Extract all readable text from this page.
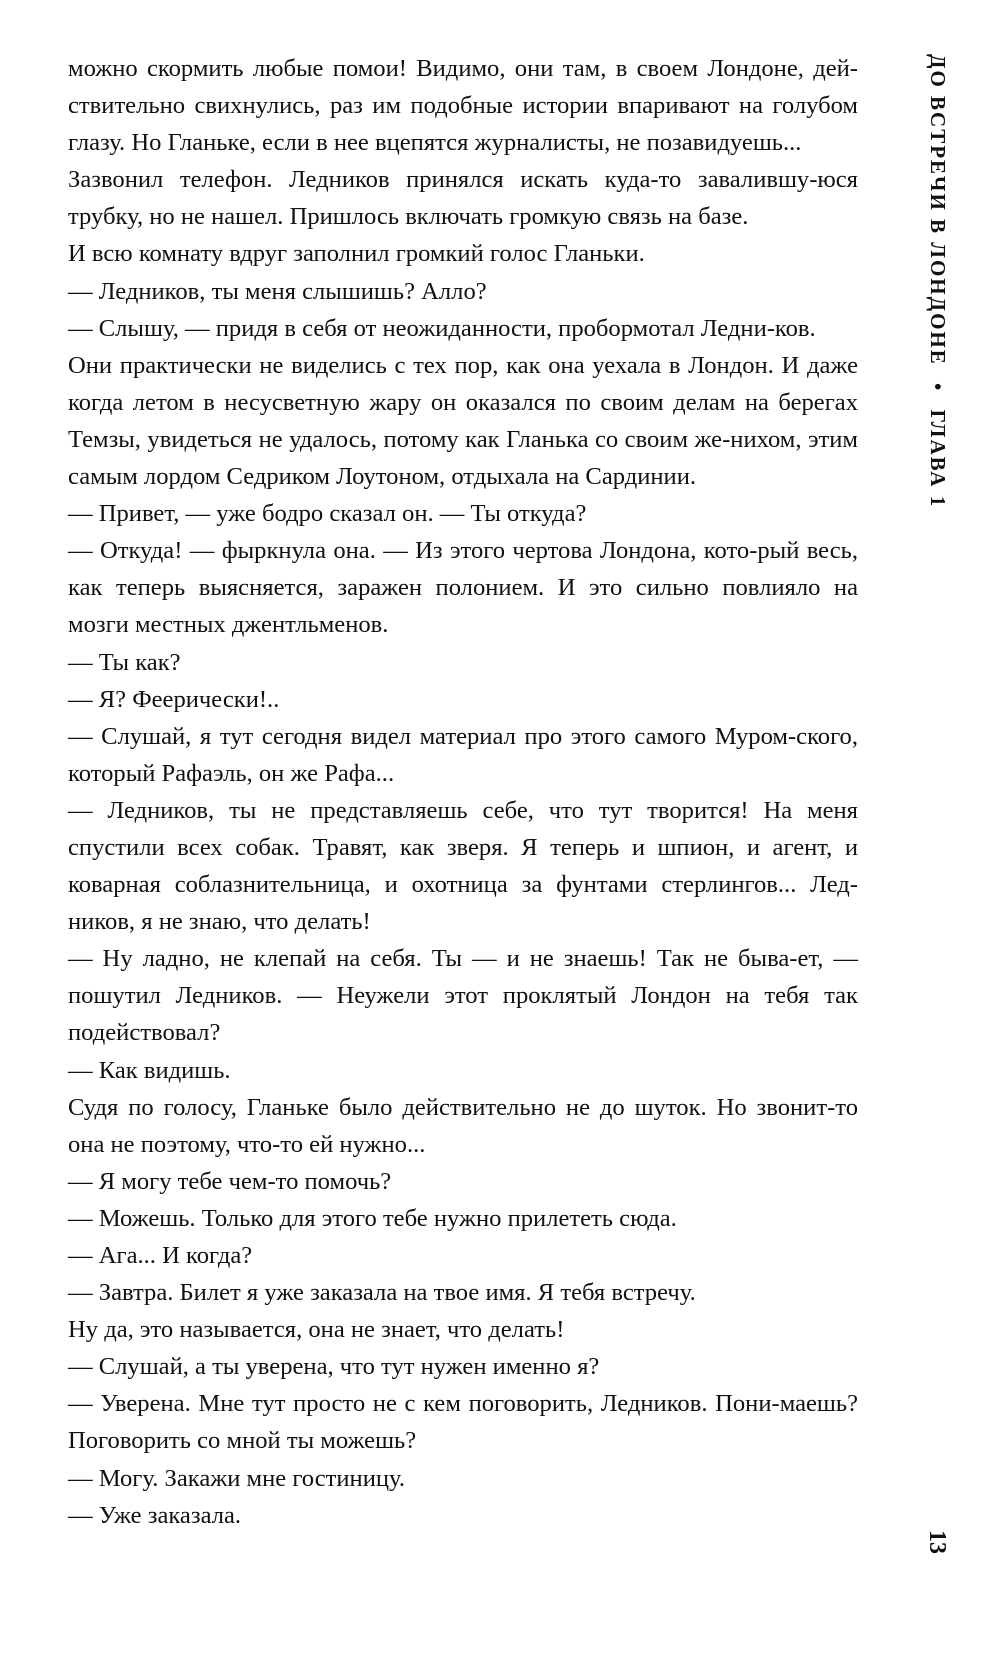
можно скормить любые помои! Видимо, они там, в своем Лондоне, дей-ствительно свихнулись, раз им подобные истории впаривают на голубом глазу. Но Гланьке, если в нее вцепятся журналисты, не позавидуешь...

Зазвонил телефон. Ледников принялся искать куда-то завалившу-юся трубку, но не нашел. Пришлось включать громкую связь на базе.

И всю комнату вдруг заполнил громкий голос Гланьки.

— Ледников, ты меня слышишь? Алло?

— Слышу, — придя в себя от неожиданности, пробормотал Ледни-ков.

Они практически не виделись с тех пор, как она уехала в Лондон. И даже когда летом в несусветную жару он оказался по своим делам на берегах Темзы, увидеться не удалось, потому как Гланька со своим же-нихом, этим самым лордом Седриком Лоутоном, отдыхала на Сардинии.

— Привет, — уже бодро сказал он. — Ты откуда?

— Откуда! — фыркнула она. — Из этого чертова Лондона, кото-рый весь, как теперь выясняется, заражен полонием. И это сильно повлияло на мозги местных джентльменов.

— Ты как?

— Я? Феерически!..

— Слушай, я тут сегодня видел материал про этого самого Муром-ского, который Рафаэль, он же Рафа...

— Ледников, ты не представляешь себе, что тут творится! На меня спустили всех собак. Травят, как зверя. Я теперь и шпион, и агент, и коварная соблазнительница, и охотница за фунтами стерлингов... Лед-ников, я не знаю, что делать!

— Ну ладно, не клепай на себя. Ты — и не знаешь! Так не быва-ет, — пошутил Ледников. — Неужели этот проклятый Лондон на тебя так подействовал?

— Как видишь.

Судя по голосу, Гланьке было действительно не до шуток. Но звонит-то она не поэтому, что-то ей нужно...

— Я могу тебе чем-то помочь?

— Можешь. Только для этого тебе нужно прилететь сюда.

— Ага... И когда?

— Завтра. Билет я уже заказала на твое имя. Я тебя встречу.

Ну да, это называется, она не знает, что делать!

— Слушай, а ты уверена, что тут нужен именно я?

— Уверена. Мне тут просто не с кем поговорить, Ледников. Пони-маешь? Поговорить со мной ты можешь?

— Могу. Закажи мне гостиницу.

— Уже заказала.

ДО ВСТРЕЧИ В ЛОНДОНЕ • ГЛАВА 1
13
